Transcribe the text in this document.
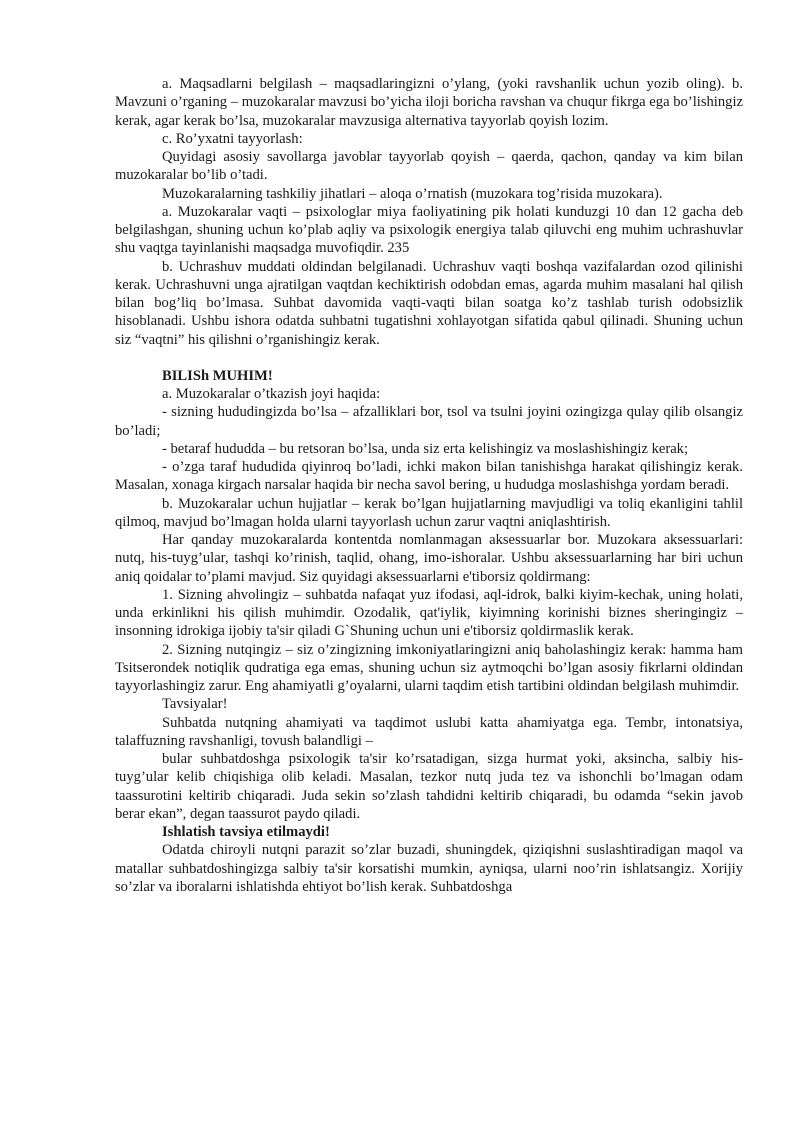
a. Maqsadlarni belgilash – maqsadlaringizni o’ylang, (yoki ravshanlik uchun yozib oling). b. Mavzuni o’rganing – muzokaralar mavzusi bo’yicha iloji boricha ravshan va chuqur fikrga ega bo’lishingiz kerak, agar kerak bo’lsa, muzokaralar mavzusiga alternativa tayyorlab qoyish lozim.

c. Ro’yxatni tayyorlash:

Quyidagi asosiy savollarga javoblar tayyorlab qoyish – qaerda, qachon, qanday va kim bilan muzokaralar bo’lib o’tadi.

Muzokaralarning tashkiliy jihatlari – aloqa o’rnatish (muzokara tog’risida muzokara).

a. Muzokaralar vaqti – psixologlar miya faoliyatining pik holati kunduzgi 10 dan 12 gacha deb belgilashgan, shuning uchun ko’plab aqliy va psixologik energiya talab qiluvchi eng muhim uchrashuvlar shu vaqtga tayinlanishi maqsadga muvofiqdir. 235

b. Uchrashuv muddati oldindan belgilanadi. Uchrashuv vaqti boshqa vazifalardan ozod qilinishi kerak. Uchrashuvni unga ajratilgan vaqtdan kechiktirish odobdan emas, agarda muhim masalani hal qilish bilan bog’liq bo’lmasa. Suhbat davomida vaqti-vaqti bilan soatga ko’z tashlab turish odobsizlik hisoblanadi. Ushbu ishora odatda suhbatni tugatishni xohlayotgan sifatida qabul qilinadi. Shuning uchun siz “vaqtni” his qilishni o’rganishingiz kerak.

BILISh MUHIM!

a. Muzokaralar o’tkazish joyi haqida:

- sizning hududingizda bo’lsa – afzalliklari bor, tsol va tsulni joyini ozingizga qulay qilib olsangiz bo’ladi;

- betaraf hududda – bu retsoran bo’lsa, unda siz erta kelishingiz va moslashishingiz kerak;

- o’zga taraf hududida qiyinroq bo’ladi, ichki makon bilan tanishishga harakat qilishingiz kerak. Masalan, xonaga kirgach narsalar haqida bir necha savol bering, u hududga moslashishga yordam beradi.

b. Muzokaralar uchun hujjatlar – kerak bo’lgan hujjatlarning mavjudligi va toliq ekanligini tahlil qilmoq, mavjud bo’lmagan holda ularni tayyorlash uchun zarur vaqtni aniqlashtirish.

Har qanday muzokaralarda kontentda nomlanmagan aksessuarlar bor. Muzokara aksessuarlari: nutq, his-tuyg’ular, tashqi ko’rinish, taqlid, ohang, imo-ishoralar. Ushbu aksessuarlarning har biri uchun aniq qoidalar to’plami mavjud. Siz quyidagi aksessuarlarni e'tiborsiz qoldirmang:

1. Sizning ahvolingiz – suhbatda nafaqat yuz ifodasi, aql-idrok, balki kiyim-kechak, uning holati, unda erkinlikni his qilish muhimdir. Ozodalik, qat'iylik, kiyimning korinishi biznes sheringingiz – insonning idrokiga ijobiy ta'sir qiladi G`Shuning uchun uni e'tiborsiz qoldirmaslik kerak.

2. Sizning nutqingiz – siz o’zingizning imkoniyatlaringizni aniq baholashingiz kerak: hamma ham Tsitserondek notiqlik qudratiga ega emas, shuning uchun siz aytmoqchi bo’lgan asosiy fikrlarni oldindan tayyorlashingiz zarur. Eng ahamiyatli g’oyalarni, ularni taqdim etish tartibini oldindan belgilash muhimdir.

Tavsiyalar!

Suhbatda nutqning ahamiyati va taqdimot uslubi katta ahamiyatga ega. Tembr, intonatsiya, talaffuzning ravshanligi, tovush balandligi –

bular suhbatdoshga psixologik ta'sir ko’rsatadigan, sizga hurmat yoki, aksincha, salbiy his-tuyg’ular kelib chiqishiga olib keladi. Masalan, tezkor nutq juda tez va ishonchli bo’lmagan odam taassurotini keltirib chiqaradi. Juda sekin so’zlash tahdidni keltirib chiqaradi, bu odamda “sekin javob berar ekan”, degan taassurot paydo qiladi.

Ishlatish tavsiya etilmaydi!

Odatda chiroyli nutqni parazit so’zlar buzadi, shuningdek, qiziqishni suslashtiradigan maqol va matallar suhbatdoshingizga salbiy ta'sir korsatishi mumkin, ayniqsa, ularni noo’rin ishlatsangiz. Xorijiy so’zlar va iboralarni ishlatishda ehtiyot bo’lish kerak. Suhbatdoshga
